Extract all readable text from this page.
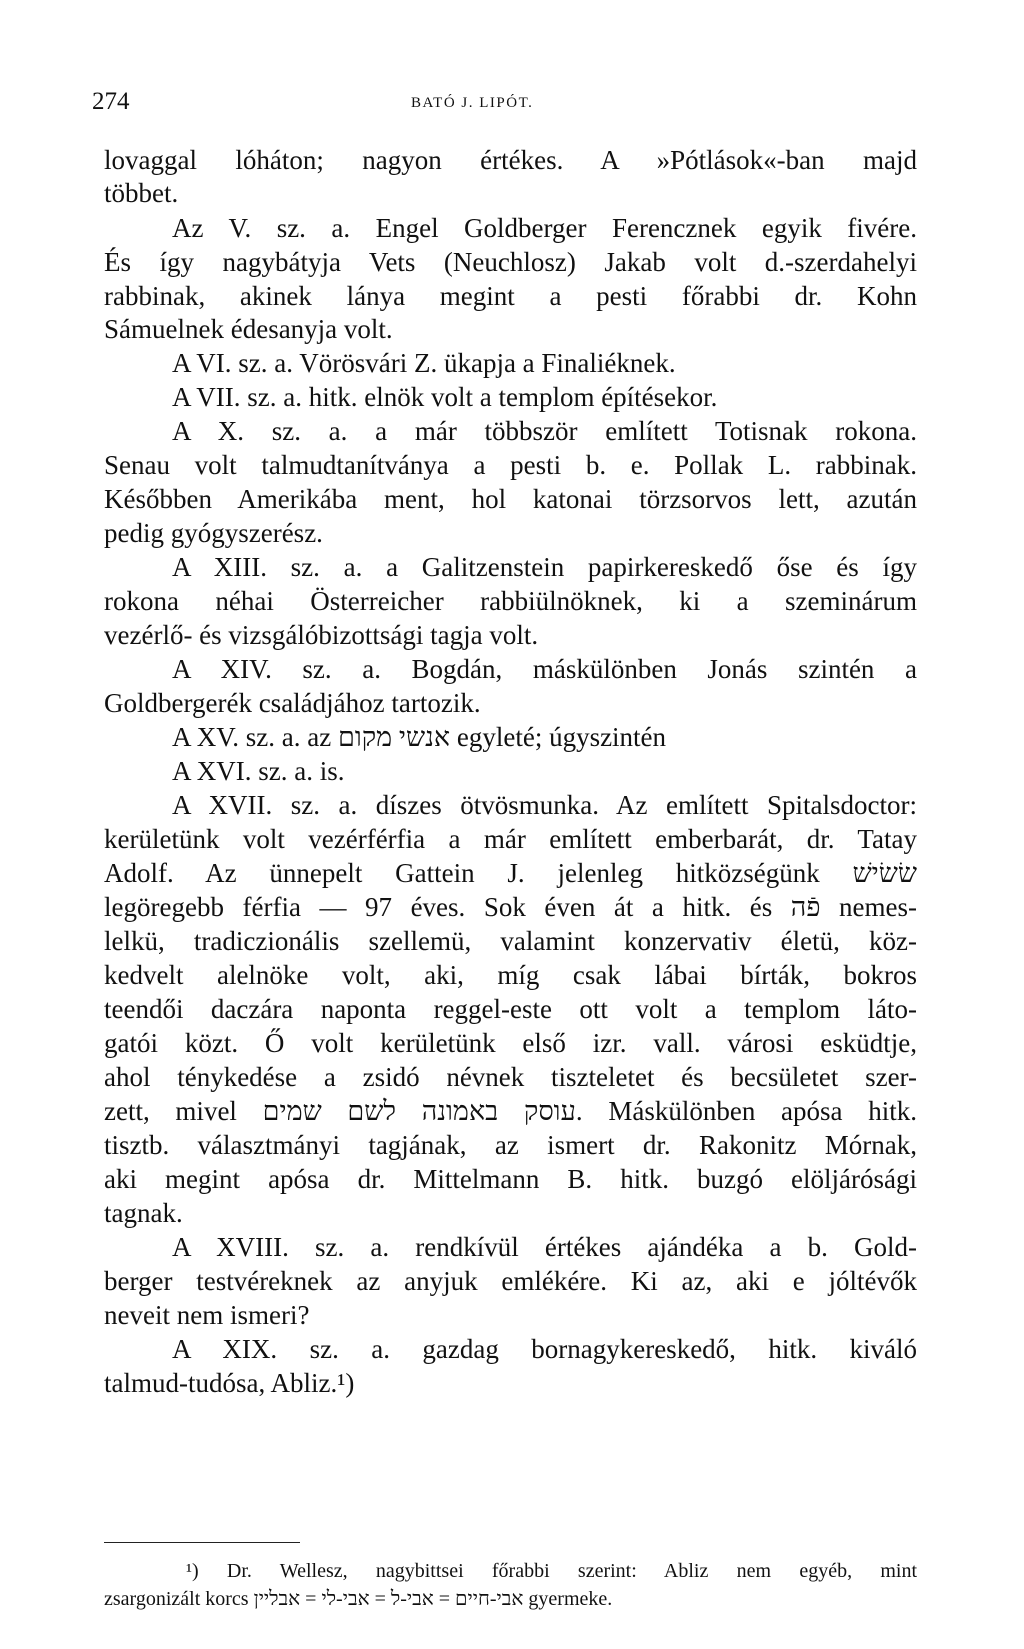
274	BATÓ J. LIPÓT.

lovaggal lóháton; nagyon értékes. A »Pótlások«-ban majd

többet.

Az V. sz. a. Engel Goldberger Ferencznek egyik fivére.

És így nagybátyja Vets (Neuchlosz) Jakab volt d.-szerdahelyi

rabbinak, akinek lánya megint a pesti főrabbi dr. Kohn

Sámuelnek édesanyja volt.

A VI. sz. a. Vörösvári Z. ükapja a Finaliéknek.

A VII. sz. a. hitk. elnök volt a templom építésekor.

A X. sz. a. a már többször említett Totisnak rokona.

Senau volt talmudtanítványa a pesti b. e. Pollak L. rabbinak.

Későbben Amerikába ment, hol katonai törzsorvos lett, azután

pedig gyógyszerész.

A XIII. sz. a. a Galitzenstein papirkereskedő őse és így

rokona néhai Österreicher rabbiülnöknek, ki a szeminárum

vezérlő- és vizsgálóbizottsági tagja volt.

A XIV. sz. a. Bogdán, máskülönben Jonás szintén a

Goldbergerék családjához tartozik.

A XV. sz. a. az אנשי מקום egyleté; úgyszintén

A XVI. sz. a. is.

A XVII. sz. a. díszes ötvösmunka. Az említett Spitalsdoctor:

kerületünk volt vezérférfia a már említett emberbarát, dr. Tatay

Adolf. Az ünnepelt Gattein J. jelenleg hitközségünk שׂשׂישׁ

legöregebb férfia — 97 éves. Sok éven át a hitk. és פֿה nemes-

lelkü, tradiczionális szellemü, valamint konzervativ életü, köz-

kedvelt alelnöke volt, aki, míg csak lábai bírták, bokros

teendői daczára naponta reggel-este ott volt a templom láto-

gatói közt. Ő volt kerületünk első izr. vall. városi esküdtje,

ahol ténykedése a zsidó névnek tiszteletet és becsületet szer-

zett, mivel עוסק באמונה לשם שמים. Máskülönben apósa hitk.

tisztb. választmányi tagjának, az ismert dr. Rakonitz Mórnak,

aki megint apósa dr. Mittelmann B. hitk. buzgó elöljárósági

tagnak.

A XVIII. sz. a. rendkívül értékes ajándéka a b. Gold-

berger testvéreknek az anyjuk emlékére. Ki az, aki e jóltévők

neveit nem ismeri?

A XIX. sz. a. gazdag bornagykereskedő, hitk. kiváló

talmud-tudósa, Abliz.¹)

¹) Dr. Wellesz, nagybittsei főrabbi szerint: Abliz nem egyéb, mint

zsargonizált korcs אבי-חיים = אבי-ל = אבי-לי = אבליין gyermeke.
